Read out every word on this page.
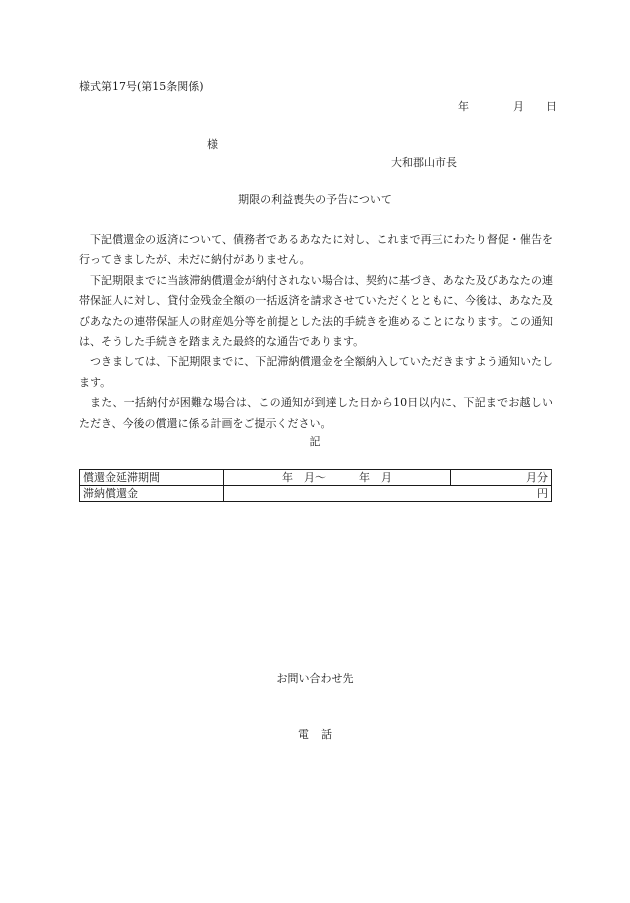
様式第17号(第15条関係)
年	月 日
様
大和郡山市長
期限の利益喪失の予告について

下記償還金の返済について、債務者であるあなたに対し、これまで再三にわたり督促・催告を行ってきましたが、未だに納付がありません。

下記期限までに当該滞納償還金が納付されない場合は、契約に基づき、あなた及びあなたの連帯保証人に対し、貸付金残金全額の一括返済を請求させていただくとともに、今後は、あなた及びあなたの連帯保証人の財産処分等を前提とした法的手続きを進めることになります。この通知は、そうした手続きを踏まえた最終的な通告であります。

つきましては、下記期限までに、下記滞納償還金を全額納入していただきますよう通知いたします。

また、一括納付が困難な場合は、この通知が到達した日から10日以内に、下記までお越しいただき、今後の償還に係る計画をご提示ください。

記
償還金延滞期間	年　月～　　　年　月	月分
滞納償還金	円	
お問い合わせ先
電話
